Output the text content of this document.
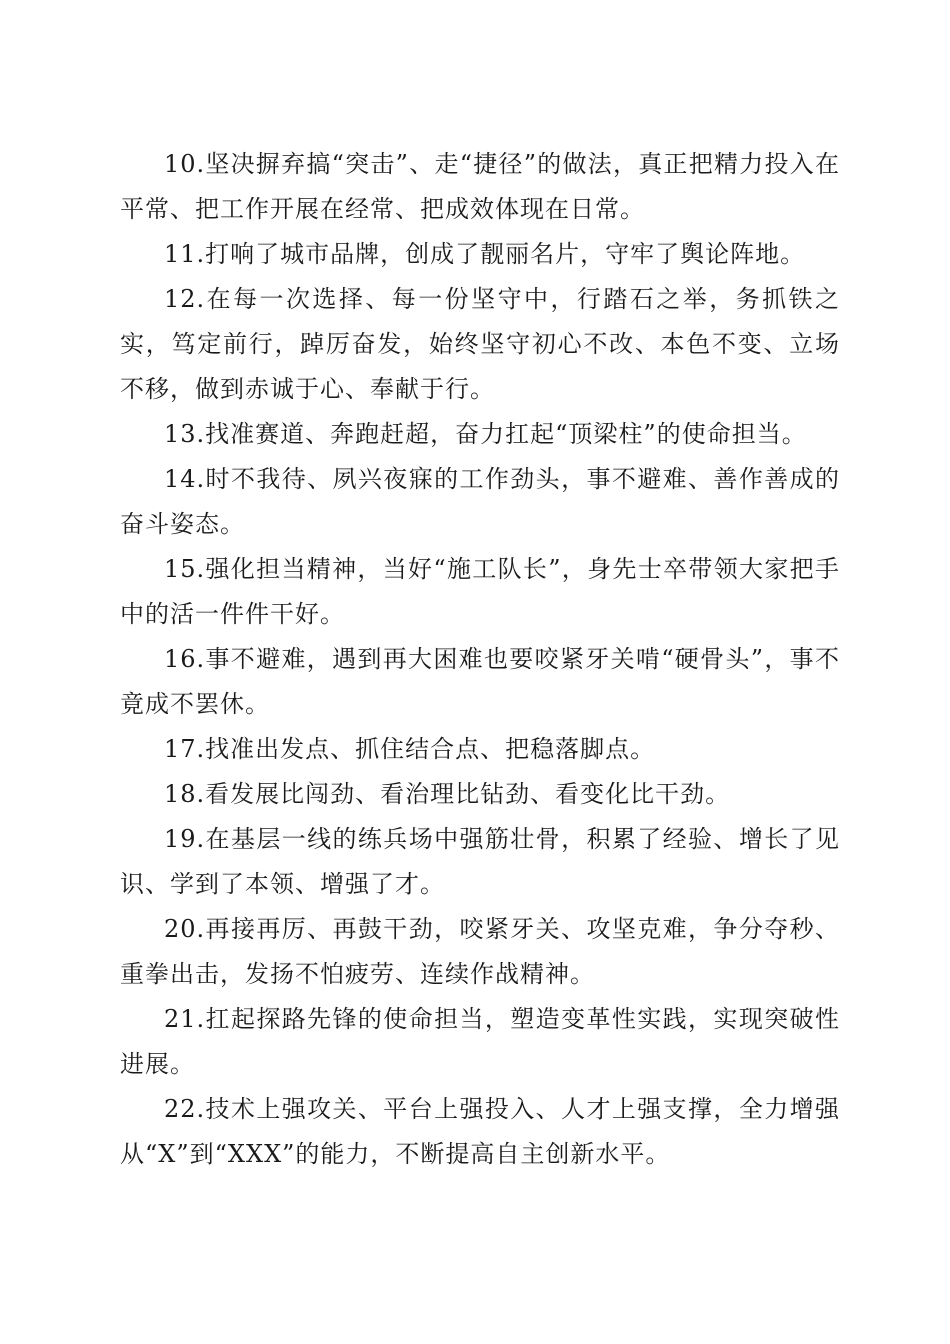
10.坚决摒弃搞“突击”、走“捷径”的做法，真正把精力投入在平常、把工作开展在经常、把成效体现在日常。

11.打响了城市品牌，创成了靓丽名片，守牢了舆论阵地。

12.在每一次选择、每一份坚守中，行踏石之举，务抓铁之实，笃定前行，踔厉奋发，始终坚守初心不改、本色不变、立场不移，做到赤诚于心、奉献于行。

13.找准赛道、奔跑赶超，奋力扛起“顶梁柱”的使命担当。

14.时不我待、夙兴夜寐的工作劲头，事不避难、善作善成的奋斗姿态。

15.强化担当精神，当好“施工队长”，身先士卒带领大家把手中的活一件件干好。

16.事不避难，遇到再大困难也要咬紧牙关啃“硬骨头”，事不竟成不罢休。

17.找准出发点、抓住结合点、把稳落脚点。

18.看发展比闯劲、看治理比钻劲、看变化比干劲。

19.在基层一线的练兵场中强筋壮骨，积累了经验、增长了见识、学到了本领、增强了才。

20.再接再厉、再鼓干劲，咬紧牙关、攻坚克难，争分夺秒、重拳出击，发扬不怕疲劳、连续作战精神。

21.扛起探路先锋的使命担当，塑造变革性实践，实现突破性进展。

22.技术上强攻关、平台上强投入、人才上强支撑，全力增强从“X”到“XXX”的能力，不断提高自主创新水平。
